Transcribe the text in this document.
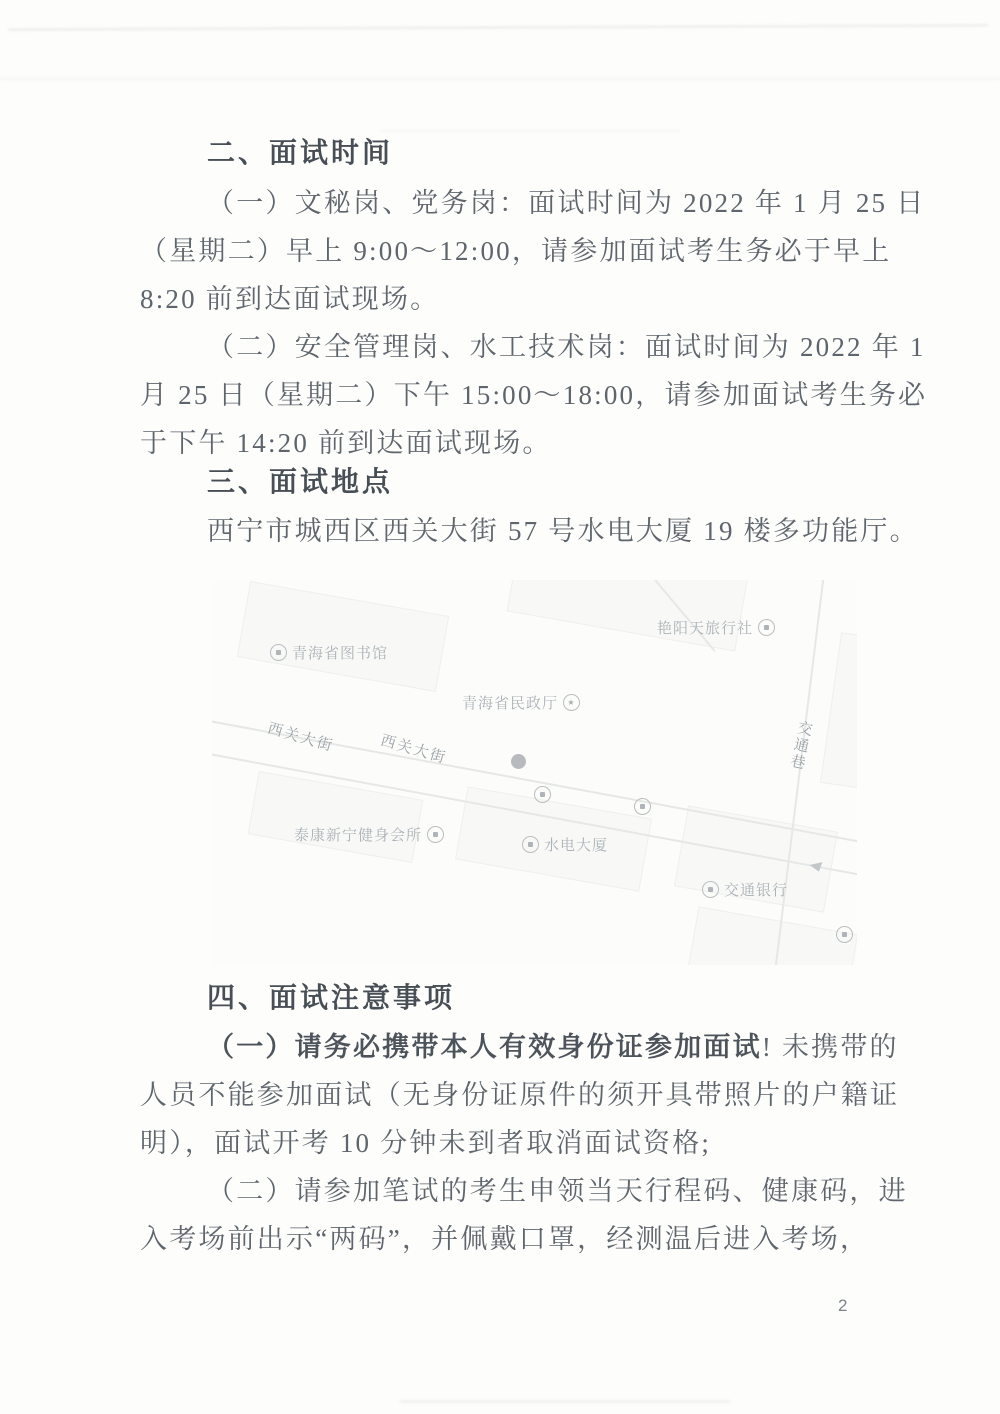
二、面试时间
（一）文秘岗、党务岗：面试时间为 2022 年 1 月 25 日
（星期二）早上 9:00～12:00，请参加面试考生务必于早上
8:20 前到达面试现场。
（二）安全管理岗、水工技术岗：面试时间为 2022 年 1
月 25 日（星期二）下午 15:00～18:00，请参加面试考生务必
于下午 14:20 前到达面试现场。
三、面试地点
西宁市城西区西关大街 57 号水电大厦 19 楼多功能厅。
西关大街	西关大街	交通巷
青海省图书馆
艳阳天旅行社
青海省民政厅	★
泰康新宁健身会所
水电大厦
交通银行
四、面试注意事项
（一）请务必携带本人有效身份证参加面试! 未携带的
人员不能参加面试（无身份证原件的须开具带照片的户籍证
明），面试开考 10 分钟未到者取消面试资格;
（二）请参加笔试的考生申领当天行程码、健康码，进
入考场前出示“两码”，并佩戴口罩，经测温后进入考场，
2
